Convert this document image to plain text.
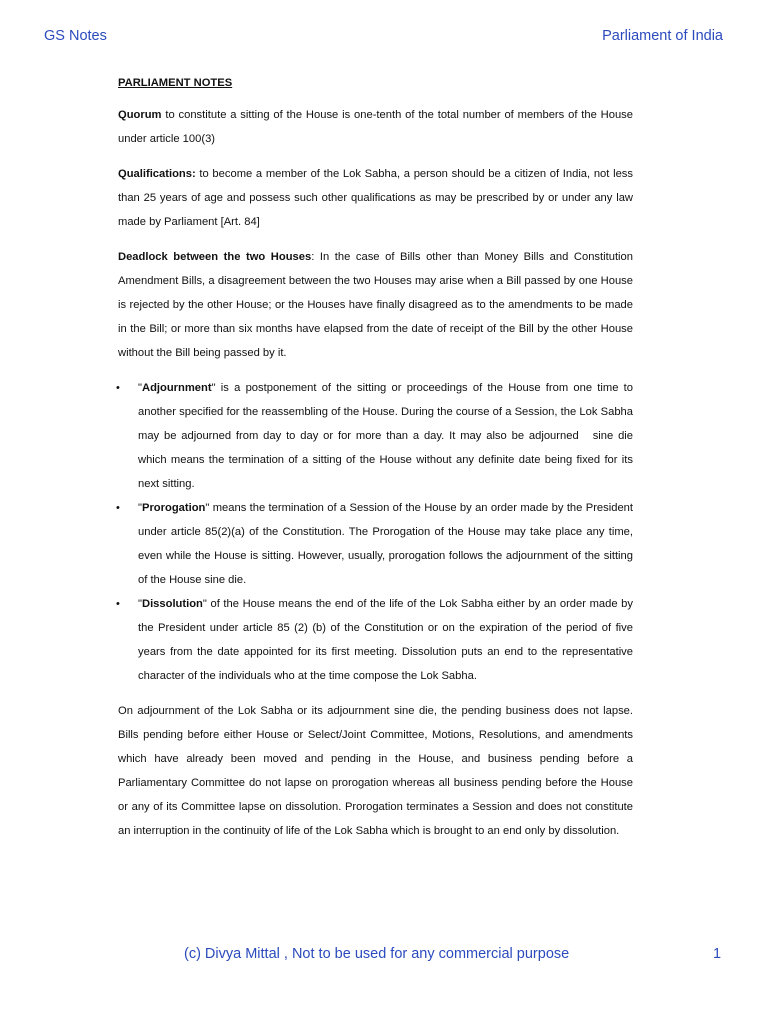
GS Notes	Parliament of India
PARLIAMENT NOTES

Quorum to constitute a sitting of the House is one-tenth of the total number of members of the House under article 100(3)

Qualifications: to become a member of the Lok Sabha, a person should be a citizen of India, not less than 25 years of age and possess such other qualifications as may be prescribed by or under any law made by Parliament [Art. 84]

Deadlock between the two Houses: In the case of Bills other than Money Bills and Constitution Amendment Bills, a disagreement between the two Houses may arise when a Bill passed by one House is rejected by the other House; or the Houses have finally disagreed as to the amendments to be made in the Bill; or more than six months have elapsed from the date of receipt of the Bill by the other House without the Bill being passed by it.

• "Adjournment" is a postponement of the sitting or proceedings of the House from one time to another specified for the reassembling of the House. During the course of a Session, the Lok Sabha may be adjourned from day to day or for more than a day. It may also be adjourned sine die which means the termination of a sitting of the House without any definite date being fixed for its next sitting.
• "Prorogation" means the termination of a Session of the House by an order made by the President under article 85(2)(a) of the Constitution. The Prorogation of the House may take place any time, even while the House is sitting. However, usually, prorogation follows the adjournment of the sitting of the House sine die.
• "Dissolution" of the House means the end of the life of the Lok Sabha either by an order made by the President under article 85 (2) (b) of the Constitution or on the expiration of the period of five years from the date appointed for its first meeting. Dissolution puts an end to the representative character of the individuals who at the time compose the Lok Sabha.

On adjournment of the Lok Sabha or its adjournment sine die, the pending business does not lapse. Bills pending before either House or Select/Joint Committee, Motions, Resolutions, and amendments which have already been moved and pending in the House, and business pending before a Parliamentary Committee do not lapse on prorogation whereas all business pending before the House or any of its Committee lapse on dissolution. Prorogation terminates a Session and does not constitute an interruption in the continuity of life of the Lok Sabha which is brought to an end only by dissolution.

(c) Divya Mittal , Not to be used for any commercial purpose	1
